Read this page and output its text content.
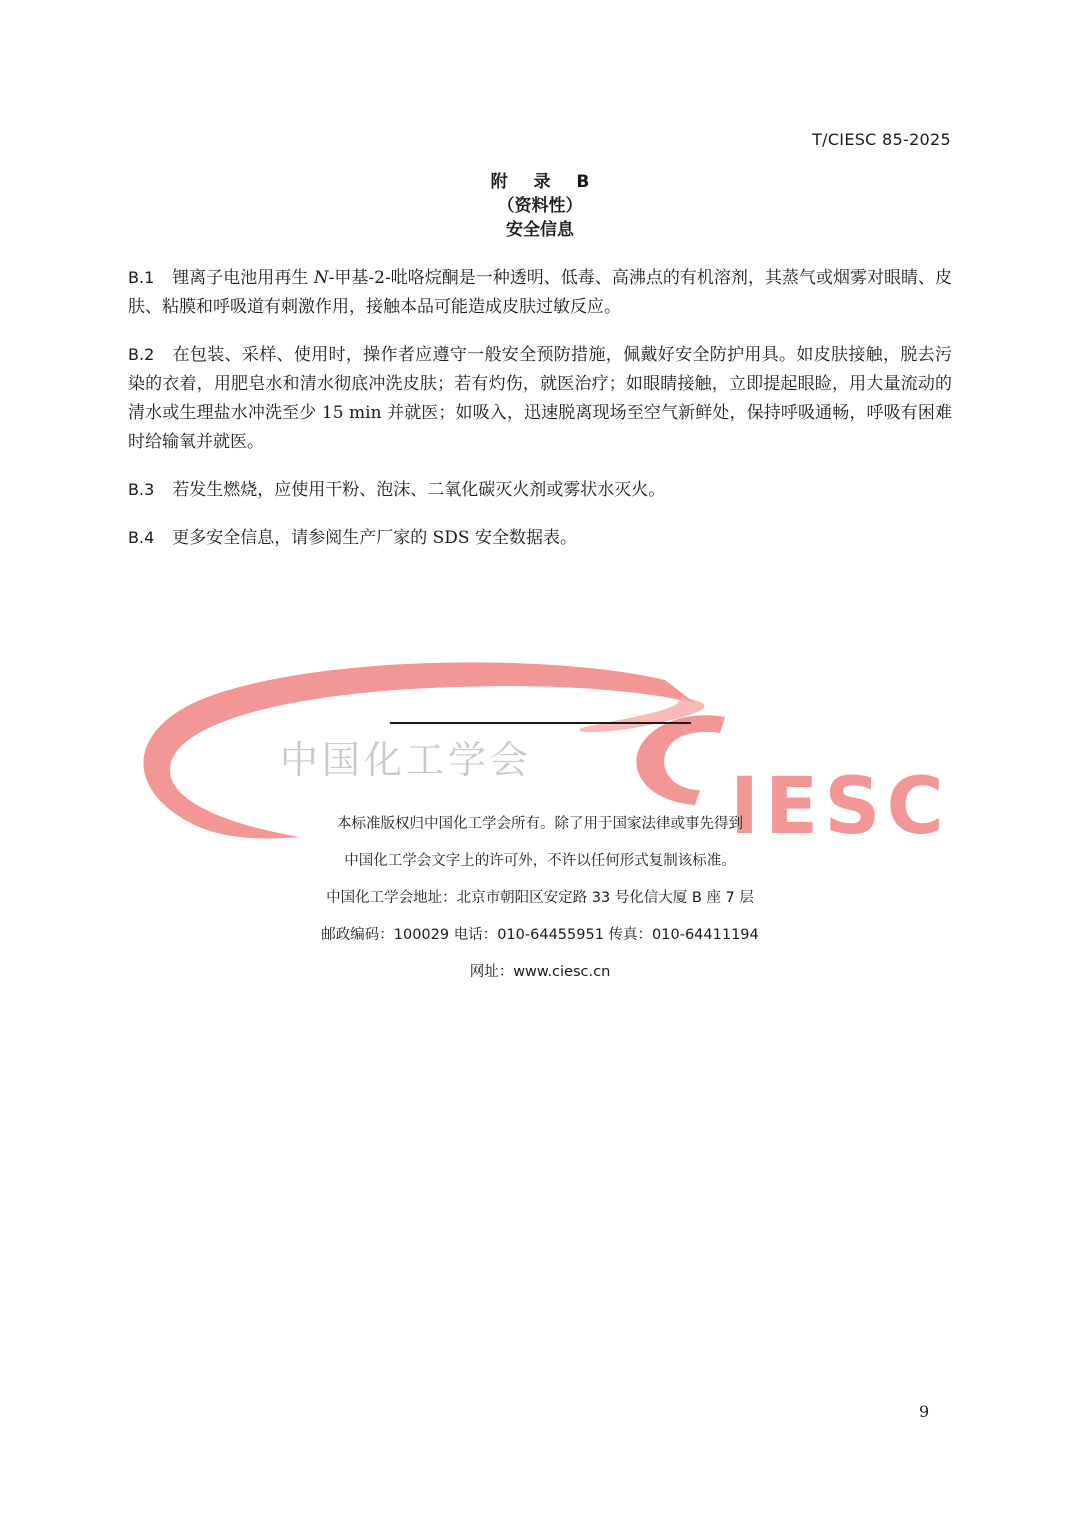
T/CIESC 85-2025
附 录 B
（资料性）
安全信息

B.1 锂离子电池用再生 N-甲基-2-吡咯烷酮是一种透明、低毒、高沸点的有机溶剂，其蒸气或烟雾对眼睛、皮肤、粘膜和呼吸道有刺激作用，接触本品可能造成皮肤过敏反应。

B.2 在包装、采样、使用时，操作者应遵守一般安全预防措施，佩戴好安全防护用具。如皮肤接触，脱去污染的衣着，用肥皂水和清水彻底冲洗皮肤；若有灼伤，就医治疗；如眼睛接触，立即提起眼睑，用大量流动的清水或生理盐水冲洗至少 15 min 并就医；如吸入，迅速脱离现场至空气新鲜处，保持呼吸通畅，呼吸有困难时给输氧并就医。

B.3 若发生燃烧，应使用干粉、泡沫、二氧化碳灭火剂或雾状水灭火。

B.4 更多安全信息，请参阅生产厂家的 SDS 安全数据表。

中国化工学会
IESC
本标准版权归中国化工学会所有。除了用于国家法律或事先得到
中国化工学会文字上的许可外，不许以任何形式复制该标准。
中国化工学会地址：北京市朝阳区安定路 33 号化信大厦 B 座 7 层
邮政编码：100029 电话：010-64455951 传真：010-64411194
网址：www.ciesc.cn
9
